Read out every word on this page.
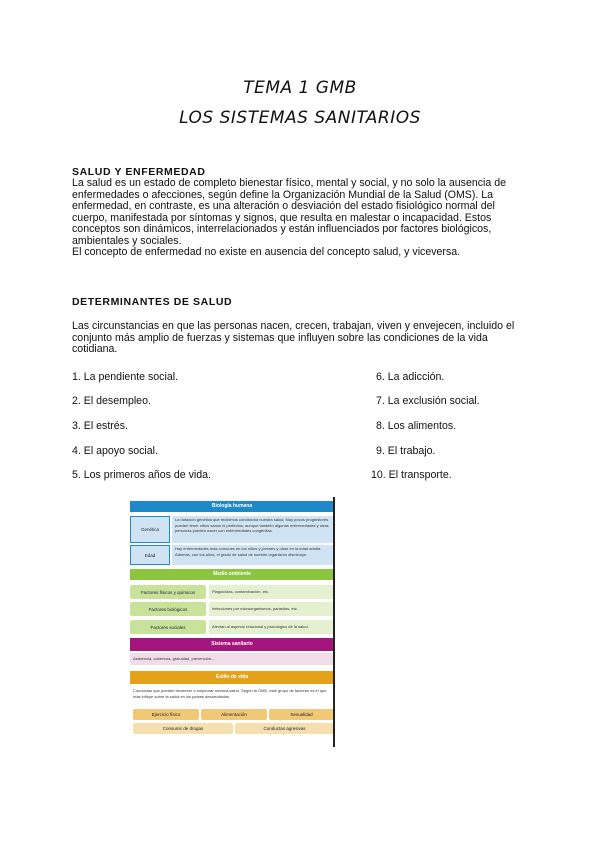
TEMA 1 GMB
LOS SISTEMAS SANITARIOS
SALUD Y ENFERMEDAD
La salud es un estado de completo bienestar físico, mental y social, y no solo la ausencia de enfermedades o afecciones, según define la Organización Mundial de la Salud (OMS). La enfermedad, en contraste, es una alteración o desviación del estado fisiológico normal del cuerpo, manifestada por síntomas y signos, que resulta en malestar o incapacidad. Estos conceptos son dinámicos, interrelacionados y están influenciados por factores biológicos, ambientales y sociales.
El concepto de enfermedad no existe en ausencia del concepto salud, y viceversa.
DETERMINANTES DE SALUD
Las circunstancias en que las personas nacen, crecen, trabajan, viven y envejecen, incluido el conjunto más amplio de fuerzas y sistemas que influyen sobre las condiciones de la vida cotidiana.
1. La pendiente social.
2. El desempleo.
3. El estrés.
4. El apoyo social.
5. Los primeros años de vida.
6. La adicción.
7. La exclusión social.
8. Los alimentos.
9. El trabajo.
10. El transporte.
Biología humana
Genética
La dotación genética que recibimos condiciona nuestra salud. Muy pocos progenitores pueden tener niños sanos ni perfectos, aunque también algunas enfermedades y otras personas pueden nacer con enfermedades congénitas.
Edad
Hay enfermedades más comunes en los niños y jóvenes y otras en la edad adulta. Además, con los años, el grado de salud de nuestro organismo disminuye.
Medio ambiente
Factores físicos y químicos	Plaguicidas, contaminación, etc.
Factores biológicos	Infecciones por microorganismos, parásitos, etc.
Factores sociales	Afectan al aspecto relacional y psicológico de la salud.
Sistema sanitario
Asistencia, cobertura, gratuidad, prevención...
Estilo de vida
Conductas que pueden favorecer o empeorar nuestra salud. Según la OMS, este grupo de factores es el que más influye sobre la salud en los países desarrollados.
Ejercicio físico	Alimentación	Sexualidad
Consumir de drogas	Conductas agresivas
